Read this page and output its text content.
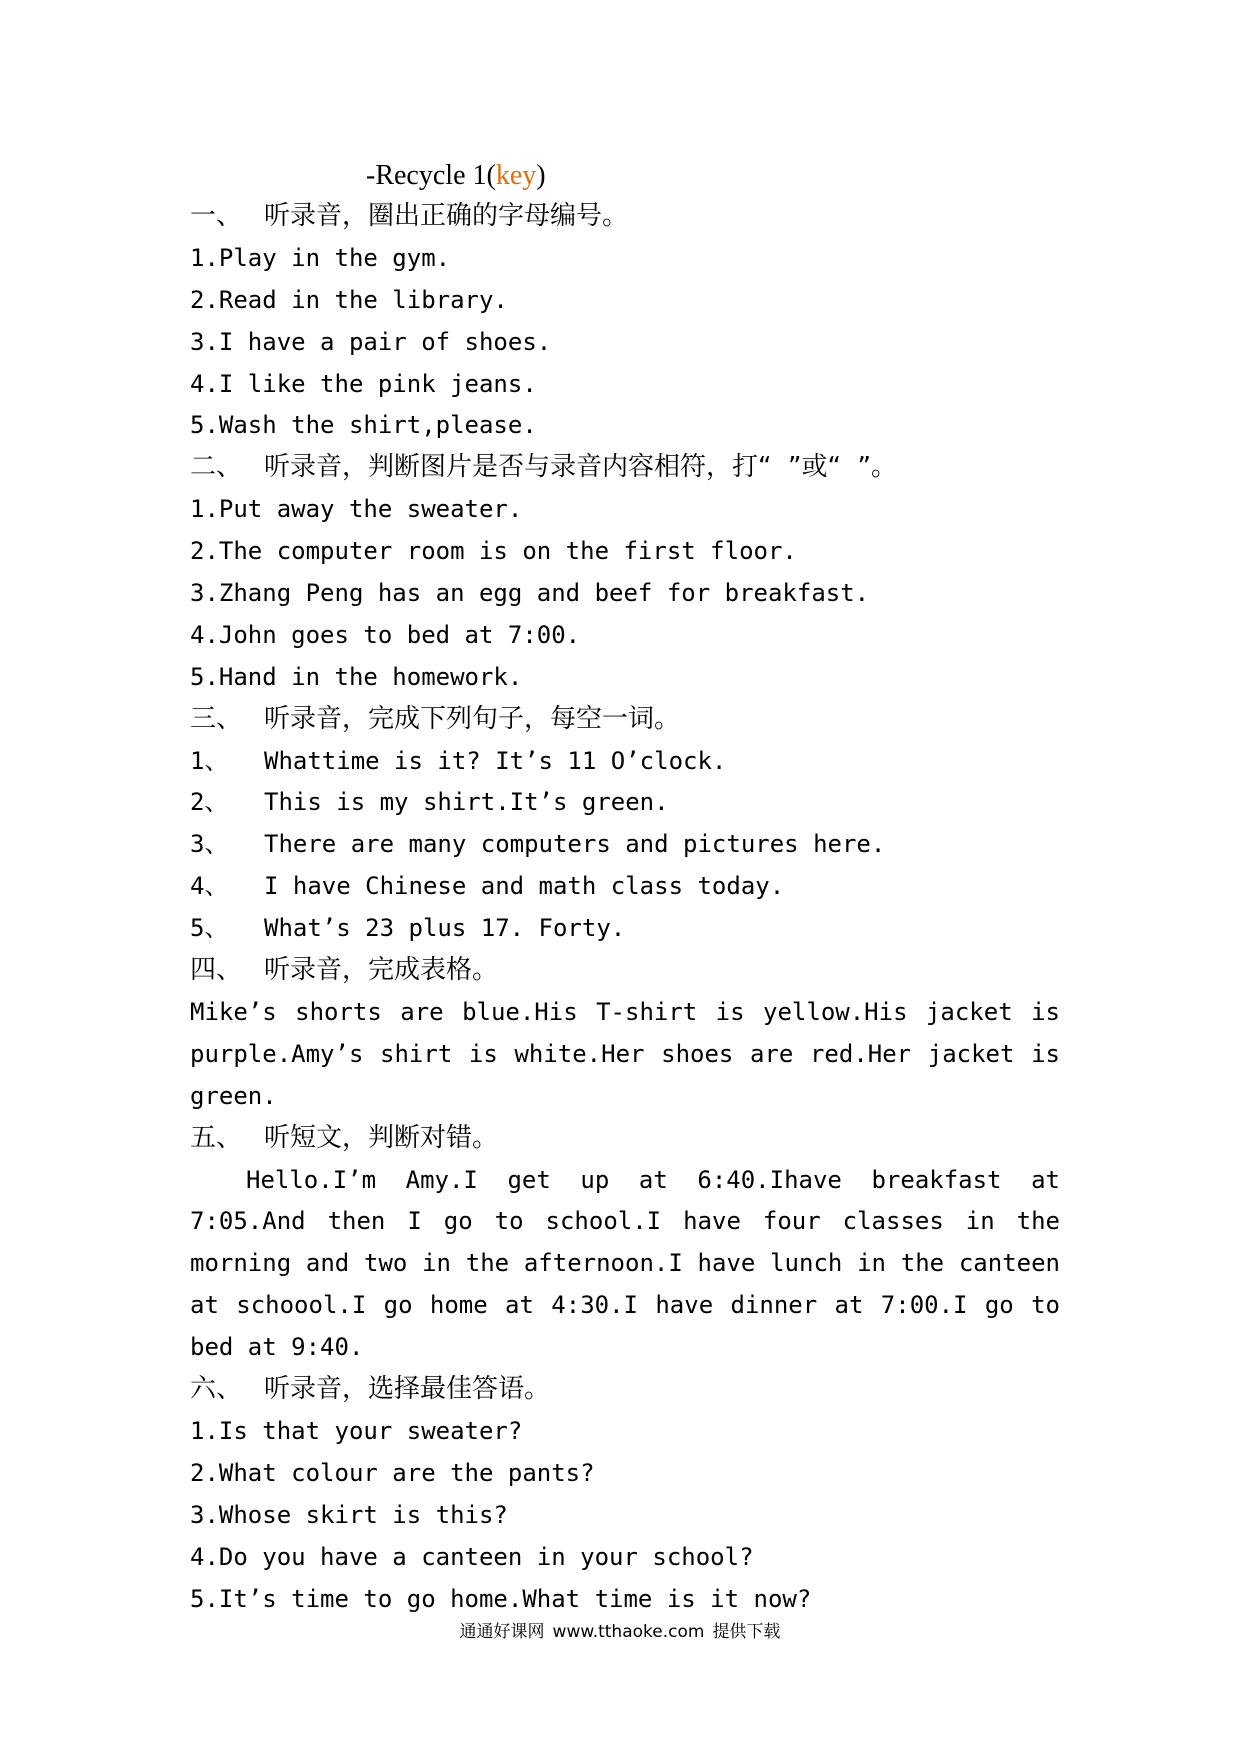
-Recycle 1(key)
一、 听录音，圈出正确的字母编号。
1.Play in the gym.
2.Read in the library.
3.I have a pair of shoes.
4.I like the pink jeans.
5.Wash the shirt,please.
二、 听录音，判断图片是否与录音内容相符，打“  ”或“  ”。
1.Put away the sweater.
2.The computer room is on the first floor.
3.Zhang Peng has an egg and beef for breakfast.
4.John goes to bed at 7:00.
5.Hand in the homework.
三、 听录音，完成下列句子，每空一词。
1、 Whattime is it? It’s 11 O’clock.
2、 This is my shirt.It’s green.
3、 There are many computers and pictures here.
4、 I have Chinese and math class today.
5、 What’s 23 plus 17. Forty.
四、 听录音，完成表格。
Mike’s shorts are blue.His T-shirt is yellow.His jacket is purple.Amy’s shirt is white.Her shoes are red.Her jacket is green.
五、 听短文，判断对错。
Hello.I’m Amy.I get up at 6:40.Ihave breakfast at 7:05.And then I go to school.I have four classes in the morning and two in the afternoon.I have lunch in the canteen at schoool.I go home at 4:30.I have dinner at 7:00.I go to bed at 9:40.
六、 听录音，选择最佳答语。
1.Is that your sweater?
2.What colour are the pants?
3.Whose skirt is this?
4.Do you have a canteen in your school?
5.It’s time to go home.What time is it now?
通通好课网 www.tthaoke.com 提供下载
